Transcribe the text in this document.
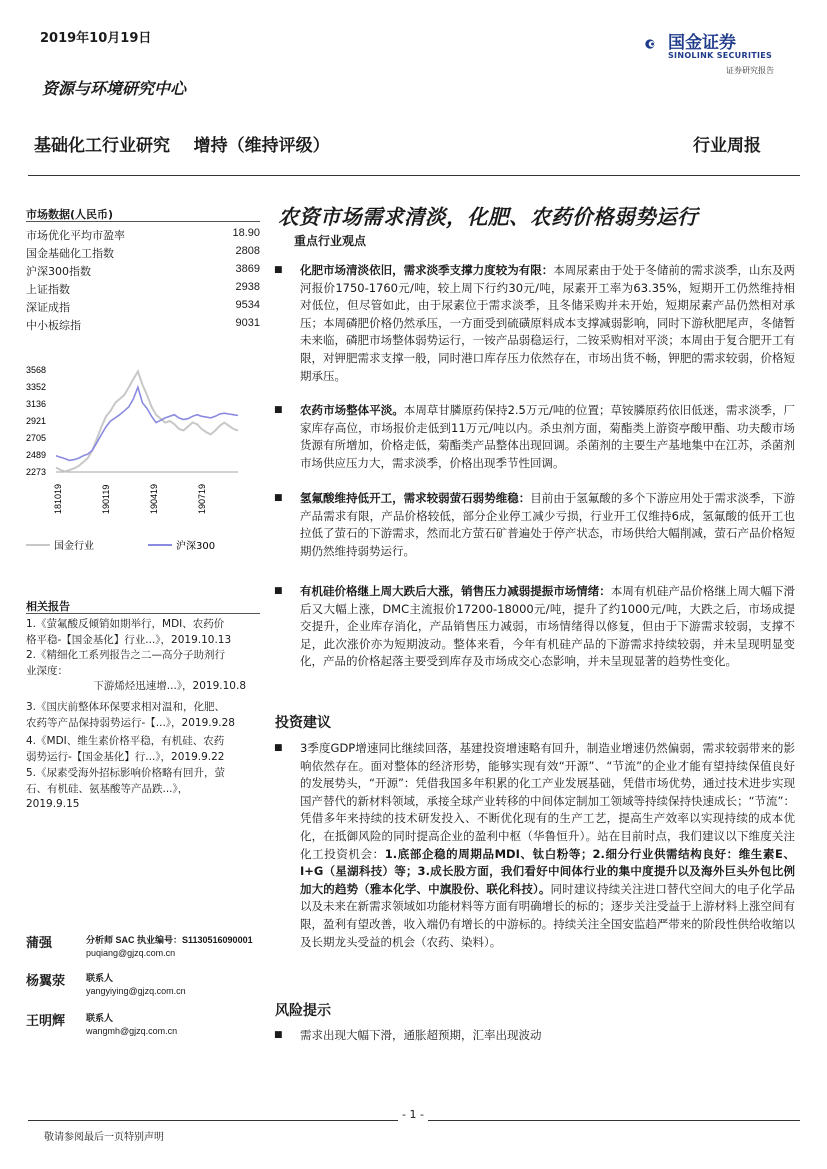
2019年10月19日
资源与环境研究中心
国金证券
SINOLINK SECURITIES
证券研究报告
基础化工行业研究    增持（维持评级）	行业周报
市场数据(人民币)
市场优化平均市盈率	18.90
国金基础化工指数	2808
沪深300指数	3869
上证指数	2938
深证成指	9534
中小板综指	9031
3568
3352
3136
2921
2705
2489
2273
181019	190119	190419	190719
国金行业	沪深300
相关报告
1.《萤氟酸反倾销如期举行，MDI、农药价
格平稳-【国金基化】行业...》，2019.10.13
2.《精细化工系列报告之二—高分子助剂行
业深度：
下游烯烃迅速增...》，2019.10.8
3.《国庆前整体环保要求相对温和，化肥、
农药等产品保持弱势运行-【...》，2019.9.28
4.《MDI、维生素价格平稳，有机硅、农药
弱势运行-【国金基化】行...》，2019.9.22
5.《尿素受海外招标影响价格略有回升，萤
石、有机硅、氨基酸等产品跌...》，
2019.9.15
蒲强	分析师 SAC 执业编号：S1130516090001
puqiang@gjzq.com.cn
杨翼荥 联系人
yangyiying@gjzq.com.cn
王明辉 联系人
wangmh@gjzq.com.cn
农资市场需求清淡，化肥、农药价格弱势运行
重点行业观点
■ 化肥市场清淡依旧，需求淡季支撑力度较为有限：本周尿素由于处于冬储前的需求淡季，山东及两河报价1750-1760元/吨，较上周下行约30元/吨，尿素开工率为63.35%，短期开工仍然维持相对低位，但尽管如此，由于尿素位于需求淡季，且冬储采购并未开始，短期尿素产品仍然相对承压；本周磷肥价格仍然承压，一方面受到硫磺原料成本支撑减弱影响，同时下游秋肥尾声，冬储暂未来临，磷肥市场整体弱势运行，一铵产品弱稳运行，二铵采购相对平淡；本周由于复合肥开工有限，对钾肥需求支撑一般，同时港口库存压力依然存在，市场出货不畅，钾肥的需求较弱，价格短期承压。
■ 农药市场整体平淡。本周草甘膦原药保持2.5万元/吨的位置；草铵膦原药依旧低迷，需求淡季，厂家库存高位，市场报价走低到11万元/吨以内。杀虫剂方面，菊酯类上游资亭酸甲酯、功夫酸市场货源有所增加，价格走低，菊酯类产品整体出现回调。杀菌剂的主要生产基地集中在江苏，杀菌剂市场供应压力大，需求淡季，价格出现季节性回调。
■ 氢氟酸维持低开工，需求较弱萤石弱势维稳：目前由于氢氟酸的多个下游应用处于需求淡季，下游产品需求有限，产品价格较低，部分企业停工减少亏损，行业开工仅维持6成，氢氟酸的低开工也拉低了萤石的下游需求，然而北方萤石矿普遍处于停产状态，市场供给大幅削减，萤石产品价格短期仍然维持弱势运行。
■ 有机硅价格继上周大跌后大涨，销售压力减弱提振市场情绪：本周有机硅产品价格继上周大幅下滑后又大幅上涨，DMC主流报价17200-18000元/吨，提升了约1000元/吨，大跌之后，市场成提交提升，企业库存消化，产品销售压力减弱，市场情绪得以修复，但由于下游需求较弱，支撑不足，此次涨价亦为短期波动。整体来看，今年有机硅产品的下游需求持续较弱，并未呈现明显变化，产品的价格起落主要受到库存及市场成交心态影响，并未呈现显著的趋势性变化。
投资建议
■ 3季度GDP增速同比继续回落，基建投资增速略有回升，制造业增速仍然偏弱，需求较弱带来的影响依然存在。面对整体的经济形势，能够实现有效“开源”、“节流”的企业才能有望持续保值良好的发展势头，“开源”：凭借我国多年积累的化工产业发展基础，凭借市场优势，通过技术进步实现国产替代的新材料领域，承接全球产业转移的中间体定制加工领域等持续保持快速成长；“节流”：凭借多年来持续的技术研发投入、不断优化现有的生产工艺，提高生产效率以实现持续的成本优化，在抵御风险的同时提高企业的盈利中枢（华鲁恒升）。站在目前时点，我们建议以下维度关注化工投资机会：1.底部企稳的周期品MDI、钛白粉等；2.细分行业供需结构良好：维生素E、I+G（星湖科技）等；3.成长股方面，我们看好中间体行业的集中度提升以及海外巨头外包比例加大的趋势（雅本化学、中旗股份、联化科技）。同时建议持续关注进口替代空间大的电子化学品以及未来在新需求领域如功能材料等方面有明确增长的标的；逐步关注受益于上游材料上涨空间有限，盈利有望改善，收入端仍有增长的中游标的。持续关注全国安监趋严带来的阶段性供给收缩以及长期龙头受益的机会（农药、染料）。
风险提示
■ 需求出现大幅下滑，通胀超预期，汇率出现波动
- 1 -
敬请参阅最后一页特别声明
